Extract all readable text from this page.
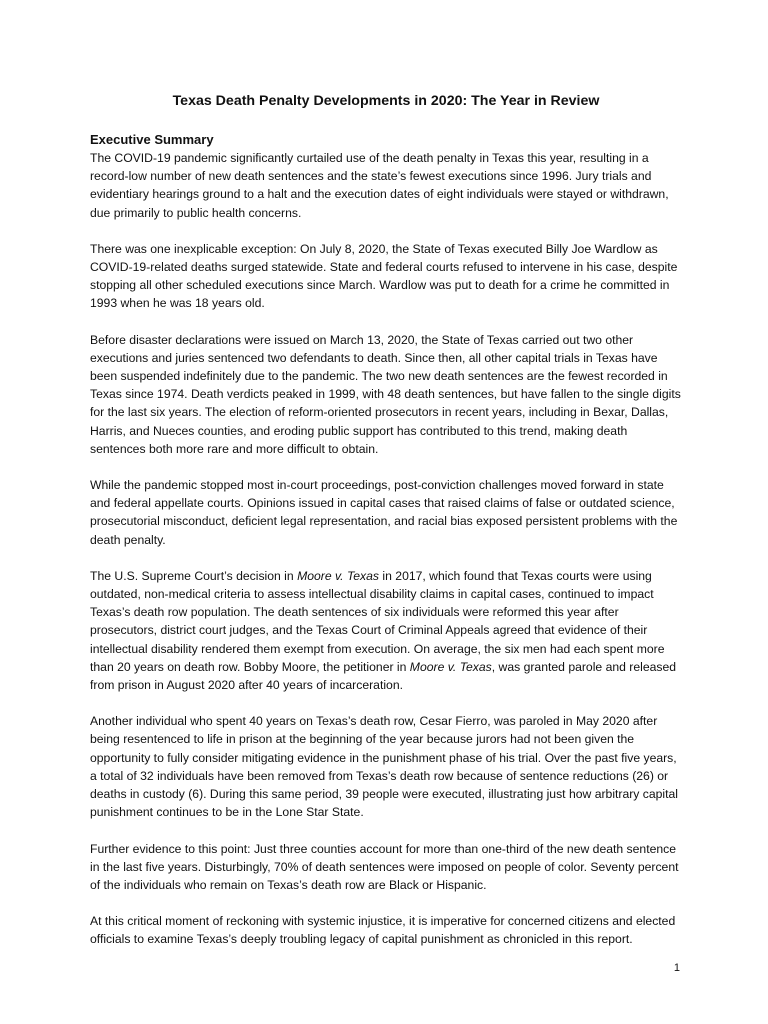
Texas Death Penalty Developments in 2020: The Year in Review
Executive Summary

The COVID-19 pandemic significantly curtailed use of the death penalty in Texas this year, resulting in a record-low number of new death sentences and the state’s fewest executions since 1996. Jury trials and evidentiary hearings ground to a halt and the execution dates of eight individuals were stayed or withdrawn, due primarily to public health concerns.

There was one inexplicable exception: On July 8, 2020, the State of Texas executed Billy Joe Wardlow as COVID-19-related deaths surged statewide. State and federal courts refused to intervene in his case, despite stopping all other scheduled executions since March. Wardlow was put to death for a crime he committed in 1993 when he was 18 years old.

Before disaster declarations were issued on March 13, 2020, the State of Texas carried out two other executions and juries sentenced two defendants to death. Since then, all other capital trials in Texas have been suspended indefinitely due to the pandemic. The two new death sentences are the fewest recorded in Texas since 1974. Death verdicts peaked in 1999, with 48 death sentences, but have fallen to the single digits for the last six years. The election of reform-oriented prosecutors in recent years, including in Bexar, Dallas, Harris, and Nueces counties, and eroding public support has contributed to this trend, making death sentences both more rare and more difficult to obtain.

While the pandemic stopped most in-court proceedings, post-conviction challenges moved forward in state and federal appellate courts. Opinions issued in capital cases that raised claims of false or outdated science, prosecutorial misconduct, deficient legal representation, and racial bias exposed persistent problems with the death penalty.

The U.S. Supreme Court’s decision in Moore v. Texas in 2017, which found that Texas courts were using outdated, non-medical criteria to assess intellectual disability claims in capital cases, continued to impact Texas’s death row population. The death sentences of six individuals were reformed this year after prosecutors, district court judges, and the Texas Court of Criminal Appeals agreed that evidence of their intellectual disability rendered them exempt from execution. On average, the six men had each spent more than 20 years on death row. Bobby Moore, the petitioner in Moore v. Texas, was granted parole and released from prison in August 2020 after 40 years of incarceration.

Another individual who spent 40 years on Texas’s death row, Cesar Fierro, was paroled in May 2020 after being resentenced to life in prison at the beginning of the year because jurors had not been given the opportunity to fully consider mitigating evidence in the punishment phase of his trial. Over the past five years, a total of 32 individuals have been removed from Texas’s death row because of sentence reductions (26) or deaths in custody (6). During this same period, 39 people were executed, illustrating just how arbitrary capital punishment continues to be in the Lone Star State.

Further evidence to this point: Just three counties account for more than one-third of the new death sentence in the last five years. Disturbingly, 70% of death sentences were imposed on people of color. Seventy percent of the individuals who remain on Texas’s death row are Black or Hispanic.

At this critical moment of reckoning with systemic injustice, it is imperative for concerned citizens and elected officials to examine Texas’s deeply troubling legacy of capital punishment as chronicled in this report.

1
